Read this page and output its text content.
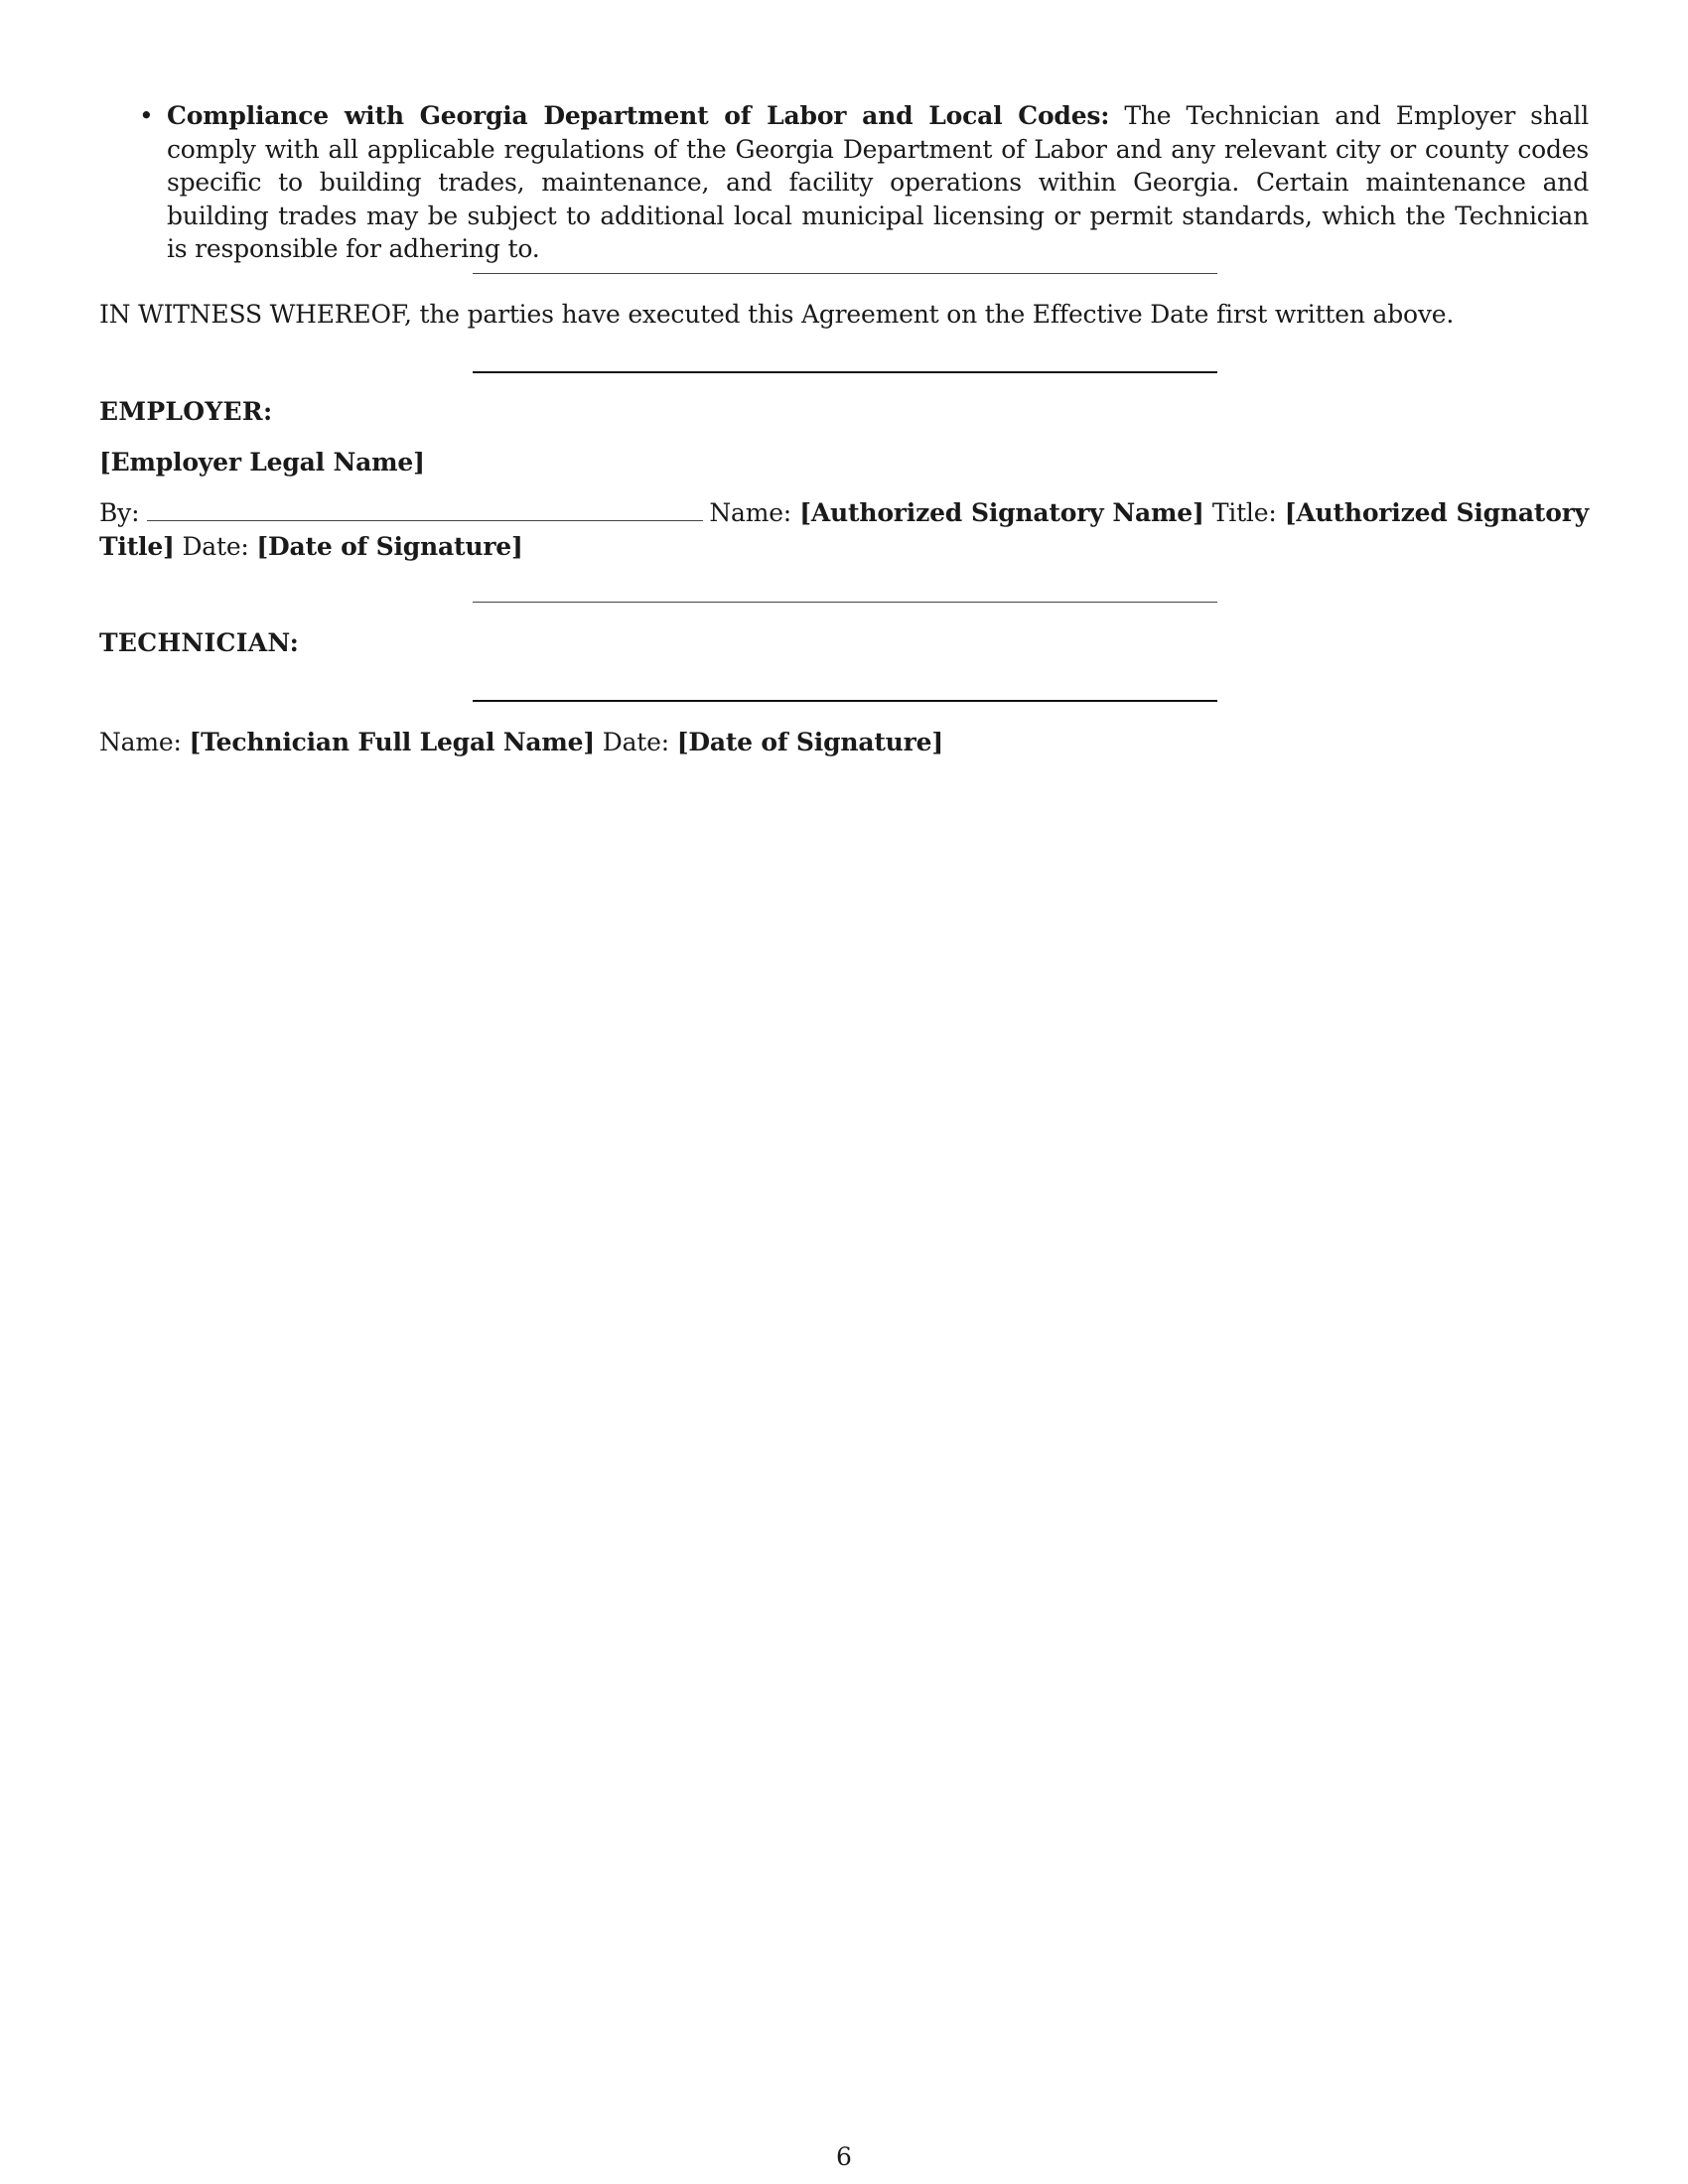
• Compliance with Georgia Department of Labor and Local Codes: The Technician and Employer shall comply with all applicable regulations of the Georgia Department of Labor and any relevant city or county codes specific to building trades, maintenance, and facility operations within Georgia. Certain maintenance and building trades may be subject to additional local municipal licensing or permit standards, which the Technician is responsible for adhering to.
IN WITNESS WHEREOF, the parties have executed this Agreement on the Effective Date first written above.
EMPLOYER:
[Employer Legal Name]
By:	Name: [Authorized Signatory Name] Title: [Authorized Signatory Title] Date: [Date of Signature]
TECHNICIAN:
Name: [Technician Full Legal Name] Date: [Date of Signature]
6
